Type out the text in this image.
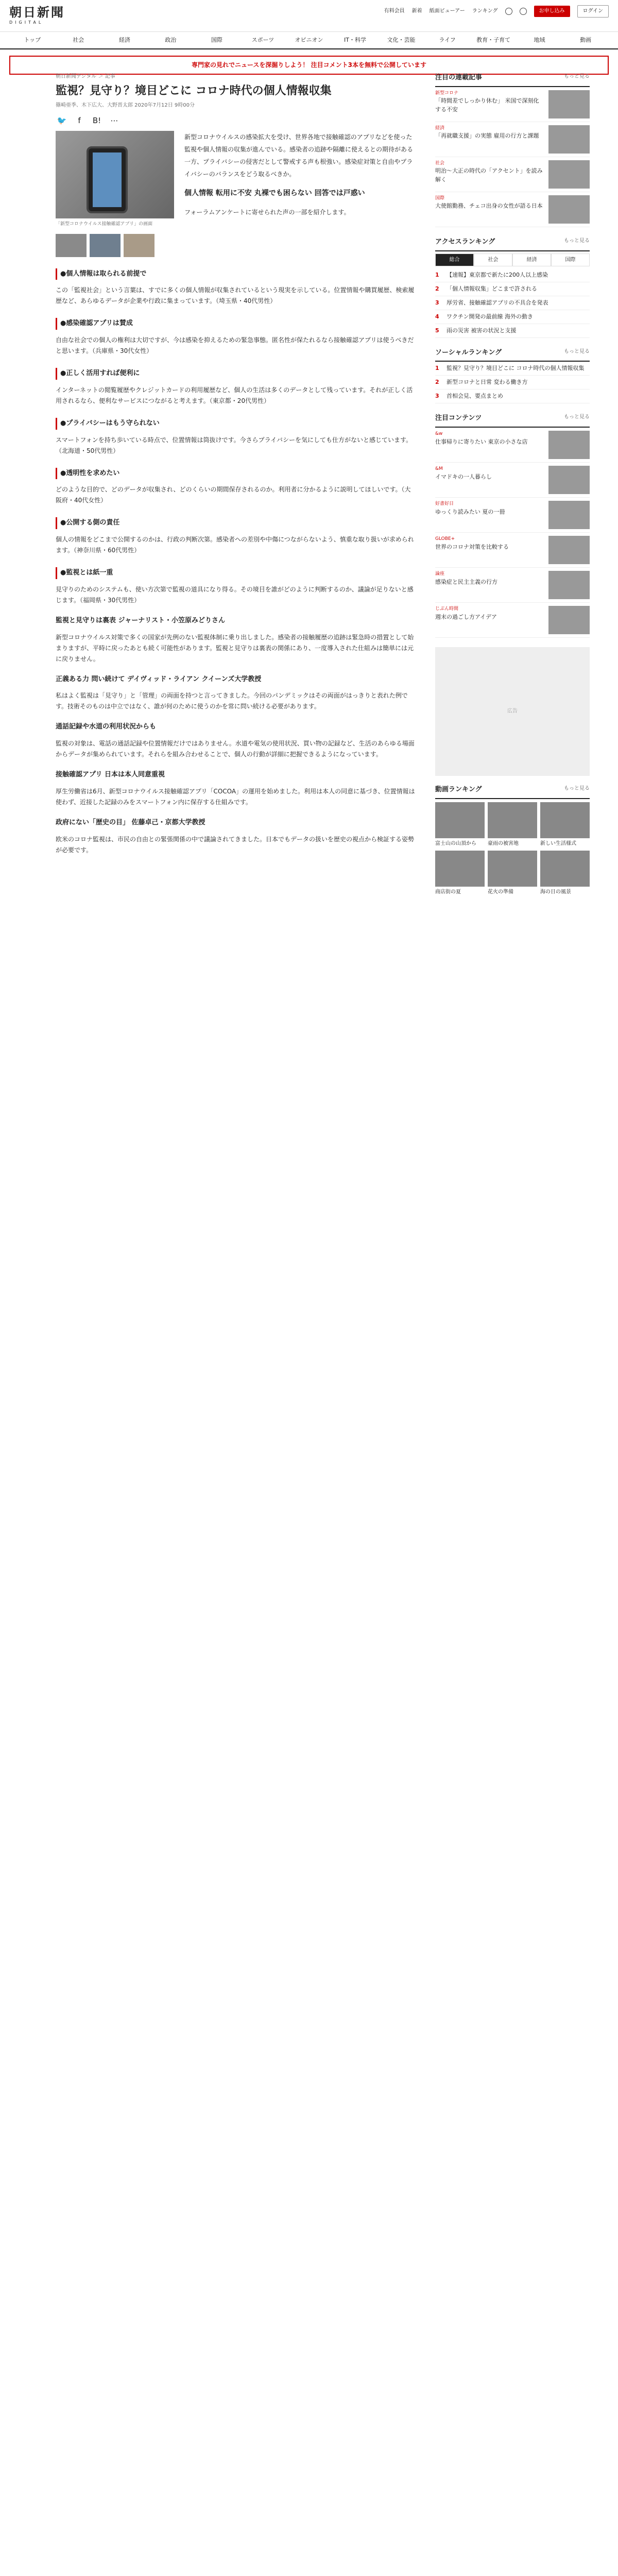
朝日新聞
DIGITAL
有料会員 新着 紙面ビューアー ランキング	お申し込み	ログイン
トップ	社会	経済	政治	国際	スポーツ	オピニオン	IT・科学	文化・芸能	ライフ	教育・子育て	地域	動画
専門家の見れでニュースを深掘りしよう！ 注目コメント3本を無料で公開しています
朝日新聞デジタル ＞ 記事
監視？見守り？境目どこに コロナ時代の個人情報収集
篠崎亜季、木下広大、大野晋太郎 2020年7月12日 9時00分
🐦	f	B!	⋯
「新型コロナウイルス接触確認アプリ」の画面

新型コロナウイルスの感染拡大を受け、世界各地で接触確認のアプリなどを使った監視や個人情報の収集が進んでいる。感染者の追跡や隔離に使えるとの期待がある一方、プライバシーの侵害だとして警戒する声も根強い。感染症対策と自由やプライバシーのバランスをどう取るべきか。

個人情報 転用に不安 丸裸でも困らない 回答では戸惑い

フォーラムアンケートに寄せられた声の一部を紹介します。

●個人情報は取られる前提で

この「監視社会」という言葉は、すでに多くの個人情報が収集されているという現実を示している。位置情報や購買履歴、検索履歴など、あらゆるデータが企業や行政に集まっています。（埼玉県・40代男性）

●感染確認アプリは賛成

自由な社会での個人の権利は大切ですが、今は感染を抑えるための緊急事態。匿名性が保たれるなら接触確認アプリは使うべきだと思います。（兵庫県・30代女性）

●正しく活用すれば便利に

インターネットの閲覧履歴やクレジットカードの利用履歴など、個人の生活は多くのデータとして残っています。それが正しく活用されるなら、便利なサービスにつながると考えます。（東京都・20代男性）

●プライバシーはもう守られない

スマートフォンを持ち歩いている時点で、位置情報は筒抜けです。今さらプライバシーを気にしても仕方がないと感じています。（北海道・50代男性）

●透明性を求めたい

どのような目的で、どのデータが収集され、どのくらいの期間保存されるのか。利用者に分かるように説明してほしいです。（大阪府・40代女性）

●公開する側の責任

個人の情報をどこまで公開するのかは、行政の判断次第。感染者への差別や中傷につながらないよう、慎重な取り扱いが求められます。（神奈川県・60代男性）

●監視とは紙一重

見守りのためのシステムも、使い方次第で監視の道具になり得る。その境目を誰がどのように判断するのか、議論が足りないと感じます。（福岡県・30代男性）

監視と見守りは裏表 ジャーナリスト・小笠原みどりさん

新型コロナウイルス対策で多くの国家が先例のない監視体制に乗り出しました。感染者の接触履歴の追跡は緊急時の措置として始まりますが、平時に戻ったあとも続く可能性があります。監視と見守りは裏表の関係にあり、一度導入された仕組みは簡単には元に戻りません。

正義ある力 問い続けて デイヴィッド・ライアン クイーンズ大学教授

私はよく監視は「見守り」と「管理」の両面を持つと言ってきました。今回のパンデミックはその両面がはっきりと表れた例です。技術そのものは中立ではなく、誰が何のために使うのかを常に問い続ける必要があります。

通話記録や水道の利用状況からも

監視の対象は、電話の通話記録や位置情報だけではありません。水道や電気の使用状況、買い物の記録など、生活のあらゆる場面からデータが集められています。それらを組み合わせることで、個人の行動が詳細に把握できるようになっています。

接触確認アプリ 日本は本人同意重視

厚生労働省は6月、新型コロナウイルス接触確認アプリ「COCOA」の運用を始めました。利用は本人の同意に基づき、位置情報は使わず、近接した記録のみをスマートフォン内に保存する仕組みです。

政府にない「歴史の目」 佐藤卓己・京都大学教授

欧米のコロナ監視は、市民の自由との緊張関係の中で議論されてきました。日本でもデータの扱いを歴史の視点から検証する姿勢が必要です。

注目の連載記事	もっと見る
新型コロナ
「時間差でしっかり休む」 米国で深刻化する不安
経済
「再就職支援」の実態 雇用の行方と課題
社会
明治～大正の時代の「アクセント」を読み解く
国際
大使館勤務、チェコ出身の女性が語る日本
アクセスランキング	もっと見る
総合	社会	経済	国際
1	【速報】東京都で新たに200人以上感染
2	「個人情報収集」どこまで許される
3	厚労省、接触確認アプリの不具合を発表
4	ワクチン開発の最前線 海外の動き
5	雨の災害 被害の状況と支援
ソーシャルランキング	もっと見る
1	監視？見守り？境目どこに コロナ時代の個人情報収集
2	新型コロナと日常 変わる働き方
3	首相会見、要点まとめ
注目コンテンツ	もっと見る
&w
仕事帰りに寄りたい 東京の小さな店
&M
イマドキの一人暮らし
好書好日
ゆっくり読みたい 夏の一冊
GLOBE+
世界のコロナ対策を比較する
論座
感染症と民主主義の行方
じぶん時間
週末の過ごし方アイデア
広告
動画ランキング	もっと見る
富士山の山頂から	豪雨の被害地	新しい生活様式
商店街の夏	花火の準備	海の日の風景
